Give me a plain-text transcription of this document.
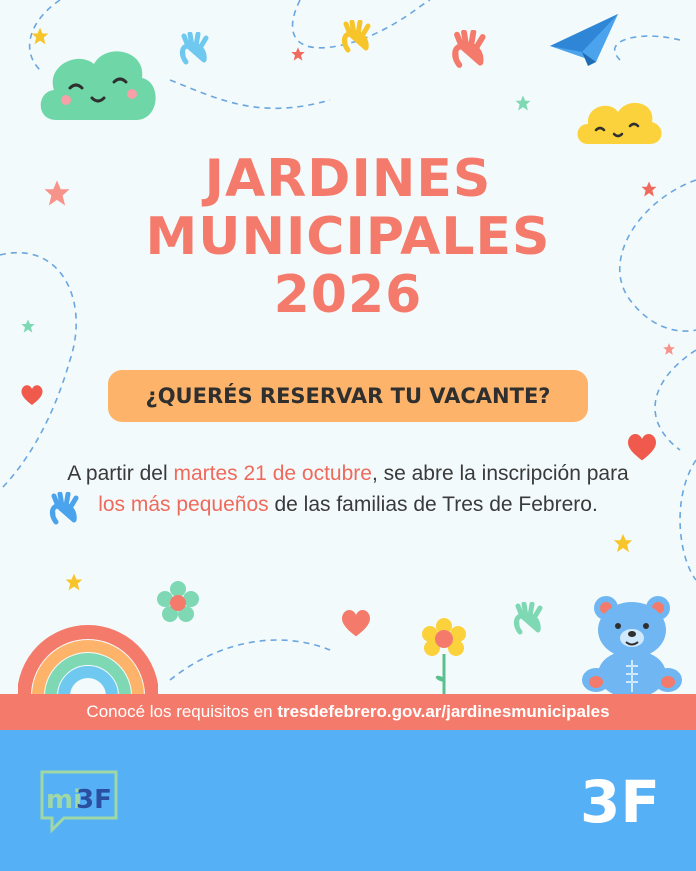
JARDINES
MUNICIPALES
2026
¿QUERÉS RESERVAR TU VACANTE?
A partir del martes 21 de octubre, se abre la inscripción para los más pequeños de las familias de Tres de Febrero.
Conocé los requisitos en tresdefebrero.gov.ar/jardinesmunicipales
mi
3F	3F
